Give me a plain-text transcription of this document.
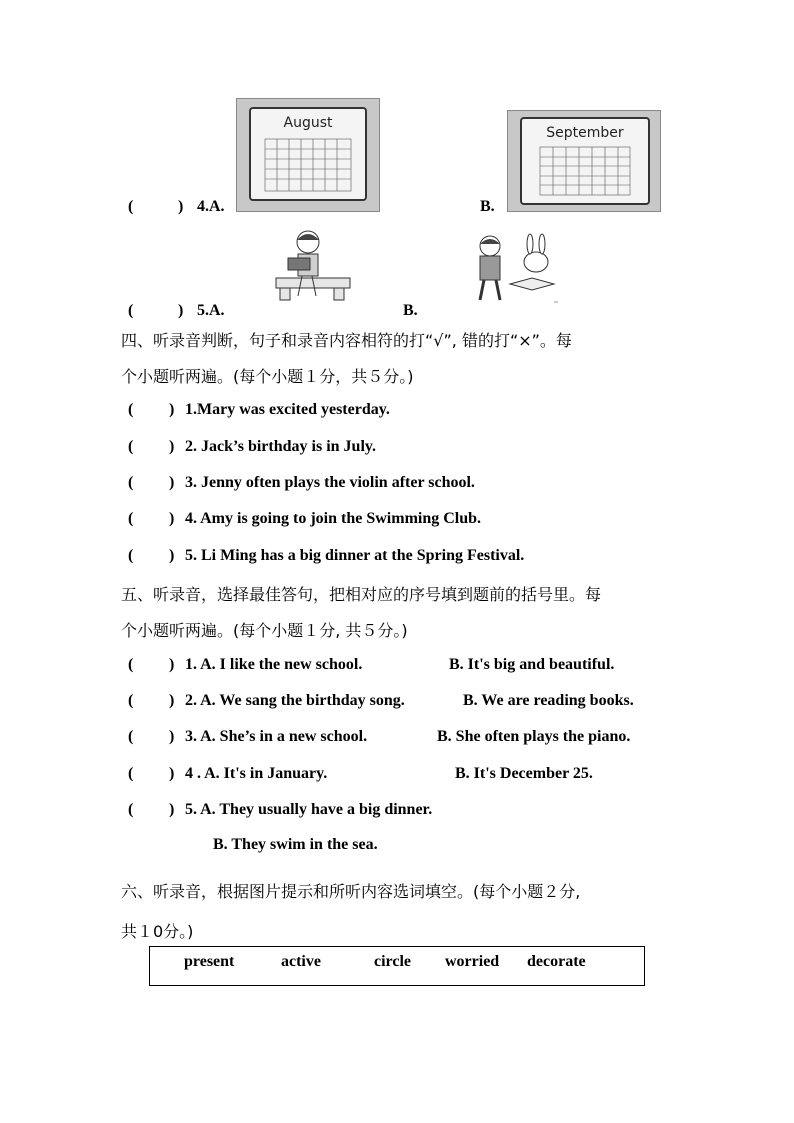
August
September
(	) 4.A.	B.
(	) 5.A.	B.
四、听录音判断，句子和录音内容相符的打“√”, 错的打“×”。每
个小题听两遍。(每个小题１分，共５分。)
( ) 1.Mary was excited yesterday.
( ) 2. Jack’s birthday is in July.
( ) 3. Jenny often plays the violin after school.
( ) 4. Amy is going to join the Swimming Club.
( ) 5. Li Ming has a big dinner at the Spring Festival.
五、听录音，选择最佳答句，把相对应的序号填到题前的括号里。每
个小题听两遍。(每个小题１分, 共５分。)
( ) 1. A. I like the new school.	B. It's big and beautiful.
( ) 2. A. We sang the birthday song.	B. We are reading books.
( ) 3. A. She’s in a new school.	B. She often plays the piano.
( ) 4 . A. It's in January.	B. It's December 25.
( ) 5. A. They usually have a big dinner.
B. They swim in the sea.
六、听录音，根据图片提示和所听内容选词填空。(每个小题２分,
共１0分。)
present	active	circle worried decorate
